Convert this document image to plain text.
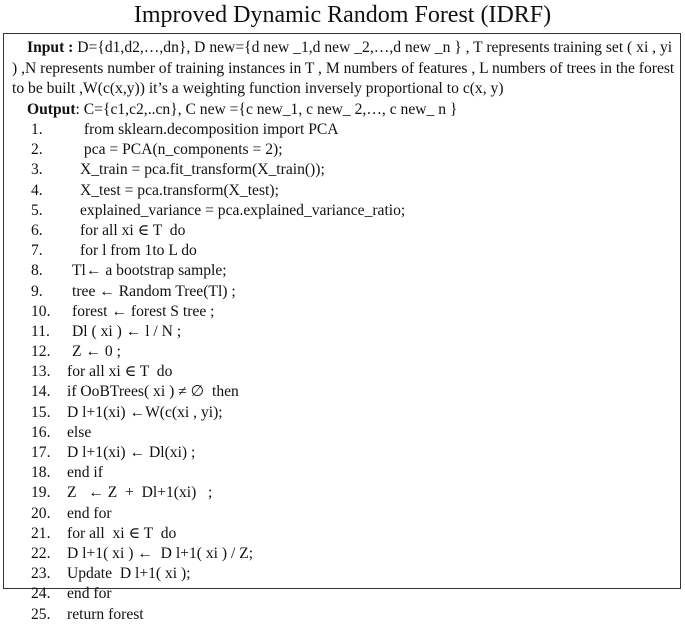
Improved Dynamic Random Forest (IDRF)
Input : D={d1,d2,…,dn}, D new={d new _1,d new _2,…,d new _n } , T represents training set ( xi , yi ) ,N represents number of training instances in T , M numbers of features , L numbers of trees in the forest to be built ,W(c(x,y)) it’s a weighting function inversely proportional to c(x, y)
Output: C={c1,c2,..cn}, C new ={c new_1, c new_ 2,…, c new_ n }
1. from sklearn.decomposition import PCA
2. pca = PCA(n_components = 2);
3. X_train = pca.fit_transform(X_train());
4. X_test = pca.transform(X_test);
5. explained_variance = pca.explained_variance_ratio;
6. for all xi ∈ T  do
7. for l from 1to L do
8. Tl← a bootstrap sample;
9. tree ← Random Tree(Tl) ;
10. forest ← forest S tree ;
11. Dl ( xi ) ← l / N ;
12. Z ← 0 ;
13. for all xi ∈ T  do
14. if OoBTrees( xi ) ≠ ∅  then
15. D l+1(xi) ←W(c(xi , yi);
16. else
17. D l+1(xi) ← Dl(xi) ;
18. end if
19. Z   ← Z  +  Dl+1(xi)   ;
20. end for
21. for all  xi ∈ T  do
22. D l+1( xi ) ←  D l+1( xi ) / Z;
23. Update  D l+1( xi );
24. end for
25. return forest
